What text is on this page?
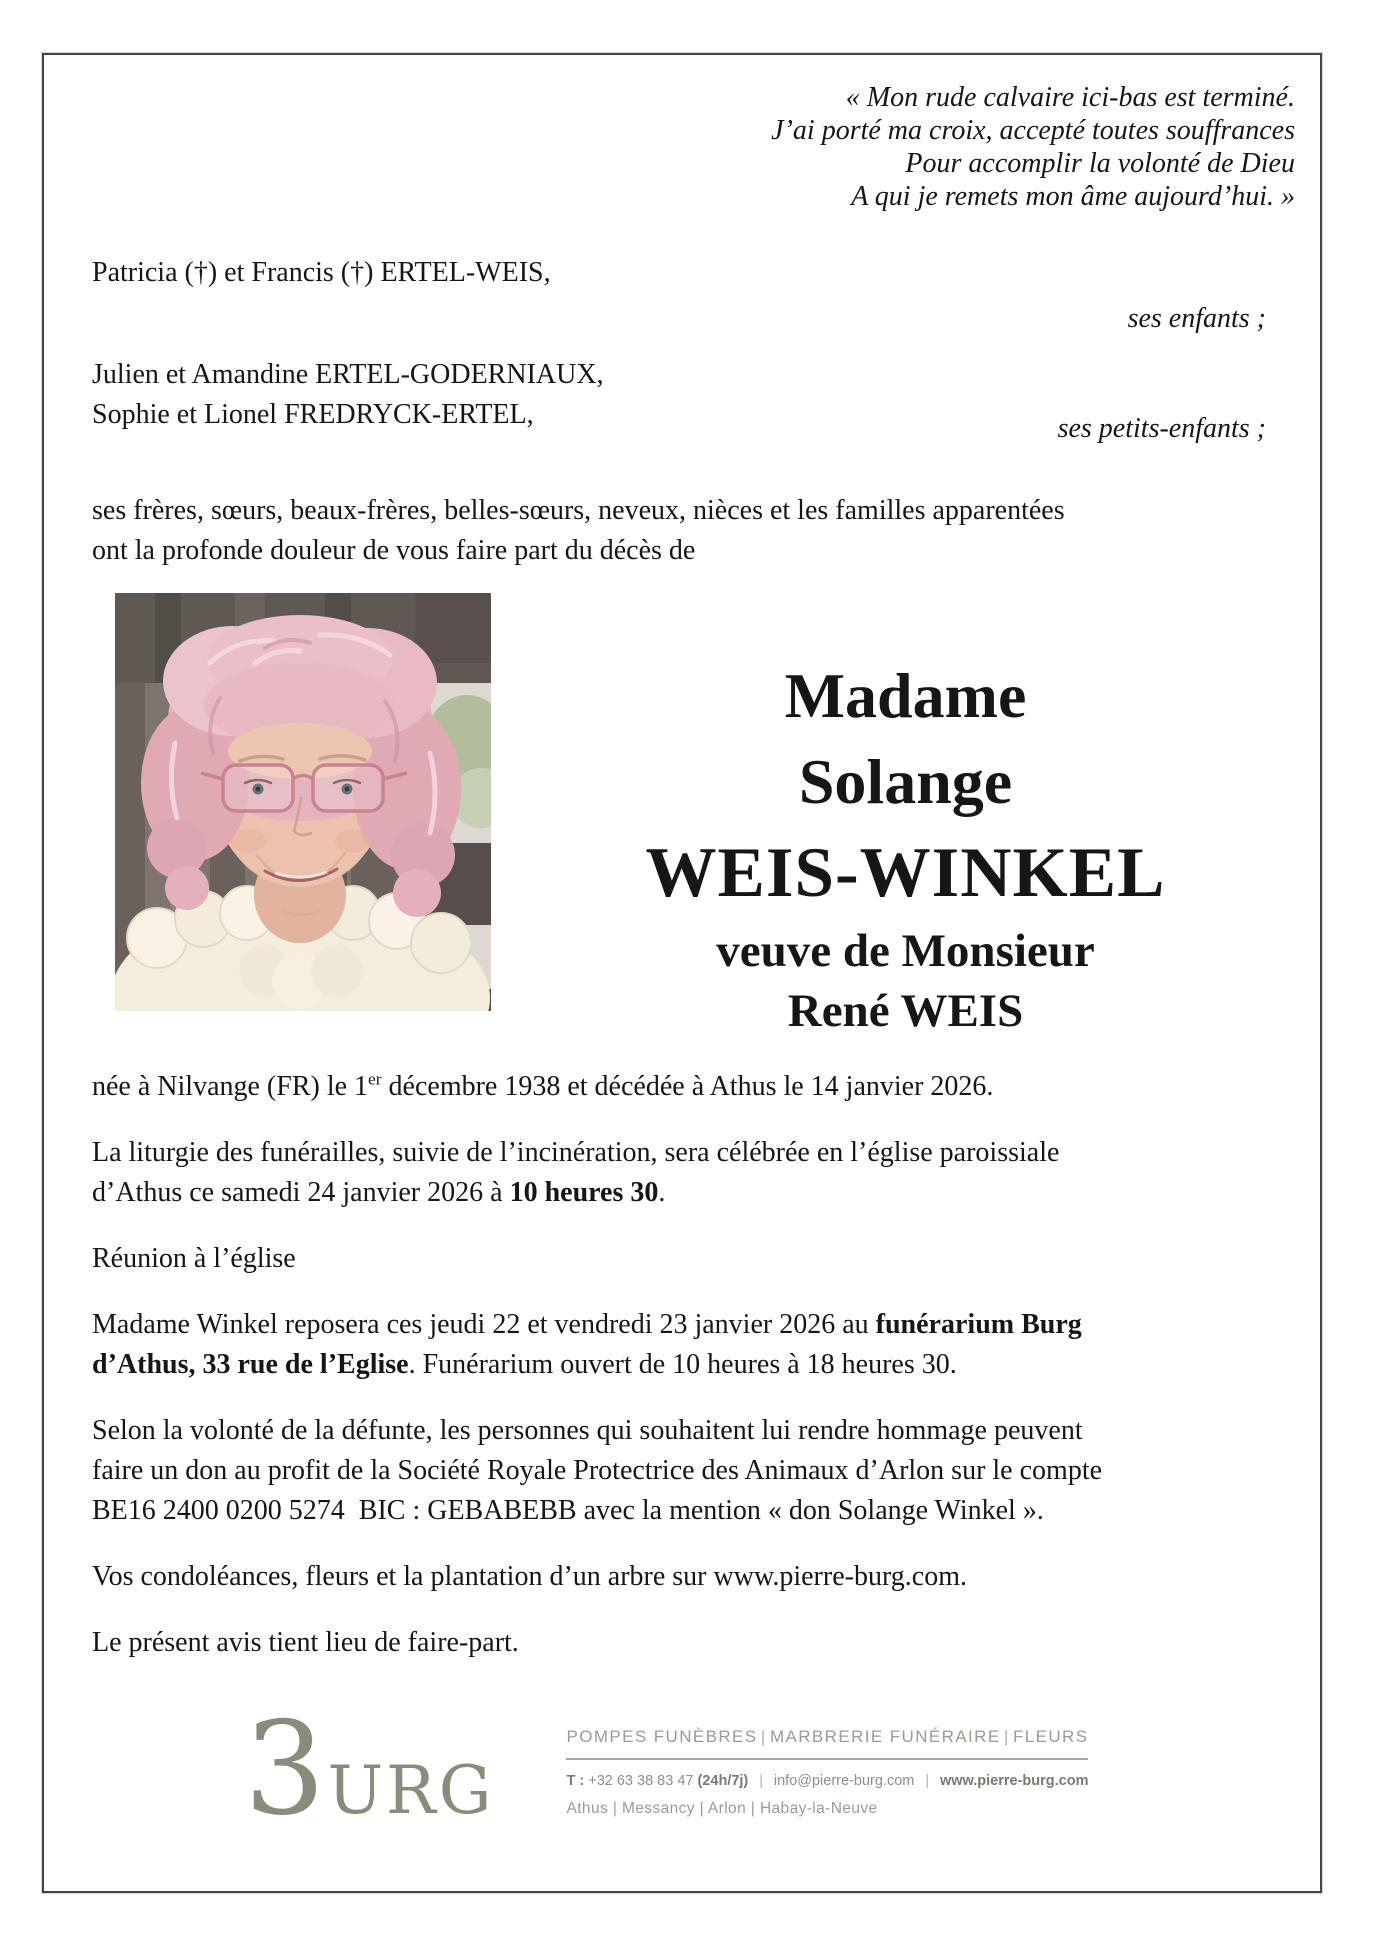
« Mon rude calvaire ici-bas est terminé.
J’ai porté ma croix, accepté toutes souffrances
Pour accomplir la volonté de Dieu
A qui je remets mon âme aujourd’hui. »
Patricia (†) et Francis (†) ERTEL-WEIS,
ses enfants ;
Julien et Amandine ERTEL-GODERNIAUX,
Sophie et Lionel FREDRYCK-ERTEL,	ses petits-enfants ;
ses frères, sœurs, beaux-frères, belles-sœurs, neveux, nièces et les familles apparentées
ont la profonde douleur de vous faire part du décès de
Madame
Solange
WEIS-WINKEL
veuve de Monsieur
René WEIS

née à Nilvange (FR) le 1er décembre 1938 et décédée à Athus le 14 janvier 2026.

La liturgie des funérailles, suivie de l’incinération, sera célébrée en l’église paroissiale
d’Athus ce samedi 24 janvier 2026 à 10 heures 30.

Réunion à l’église

Madame Winkel reposera ces jeudi 22 et vendredi 23 janvier 2026 au funérarium Burg
d’Athus, 33 rue de l’Eglise. Funérarium ouvert de 10 heures à 18 heures 30.

Selon la volonté de la défunte, les personnes qui souhaitent lui rendre hommage peuvent
faire un don au profit de la Société Royale Protectrice des Animaux d’Arlon sur le compte
BE16 2400 0200 5274  BIC : GEBABEBB avec la mention « don Solange Winkel ».

Vos condoléances, fleurs et la plantation d’un arbre sur www.pierre-burg.com.

Le présent avis tient lieu de faire-part.

3 URG
POMPES FUNÈBRES | MARBRERIE FUNÉRAIRE | FLEURS
T : +32 63 38 83 47 (24h/7j) | info@pierre-burg.com | www.pierre-burg.com
Athus | Messancy | Arlon | Habay-la-Neuve
